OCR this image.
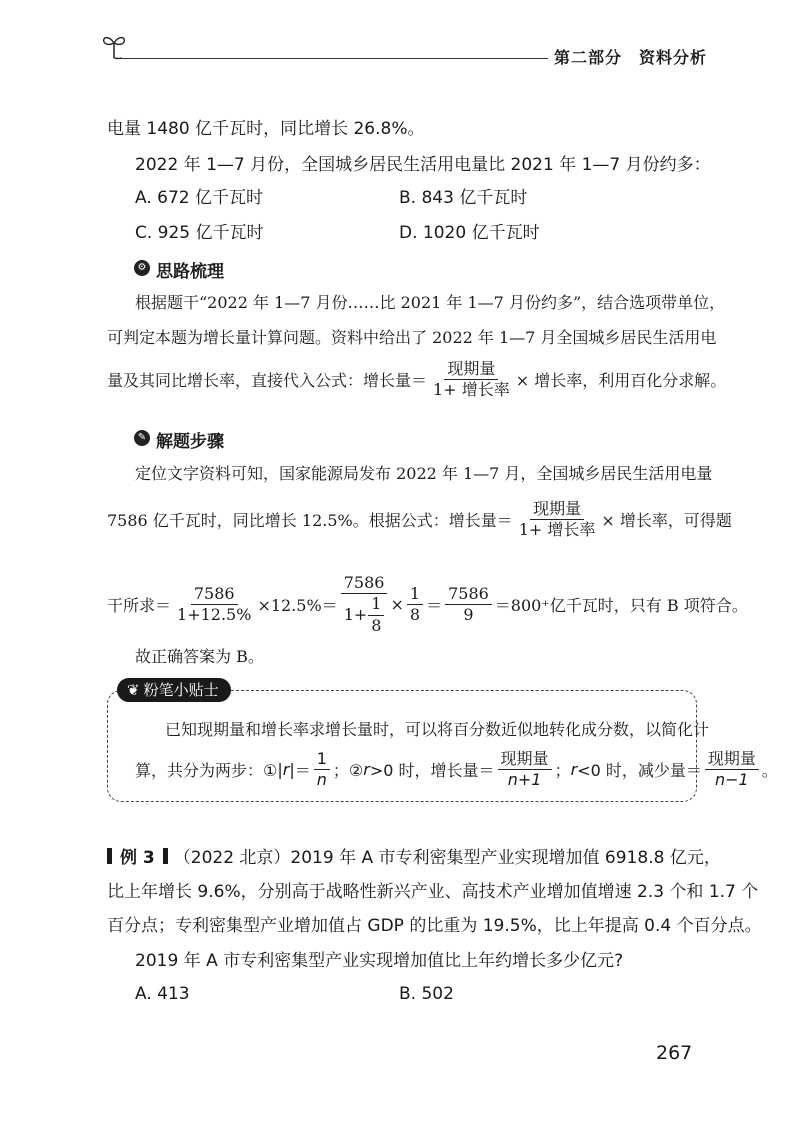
第二部分　资料分析
电量 1480 亿千瓦时，同比增长 26.8%。
2022 年 1—7 月份，全国城乡居民生活用电量比 2021 年 1—7 月份约多：
A. 672 亿千瓦时	B. 843 亿千瓦时
C. 925 亿千瓦时	D. 1020 亿千瓦时
⚙ 思路梳理
根据题干“2022 年 1—7 月份……比 2021 年 1—7 月份约多”，结合选项带单位，
可判定本题为增长量计算问题。资料中给出了 2022 年 1—7 月全国城乡居民生活用电
量及其同比增长率，直接代入公式：增长量＝ $\frac{\text{现期量}}{\text{1+ 增长率}}$ × 增长率，利用百化分求解。
✎ 解题步骤
定位文字资料可知，国家能源局发布 2022 年 1—7 月，全国城乡居民生活用电量
7586 亿千瓦时，同比增长 12.5%。根据公式：增长量＝ $\frac{\text{现期量}}{\text{1+ 增长率}}$ × 增长率，可得题
干所求＝ $\frac{7586}{1+12.5\%} \times 12.5\%= \frac{7586}{1+ \frac{1}{8}} \times \frac{1}{8} = \frac{7586}{9} =800^+$亿千瓦时，只有 B 项符合。
故正确答案为 B。
❦ 粉笔小贴士
已知现期量和增长率求增长量时，可以将百分数近似地转化成分数，以简化计
算，共分为两步：① $|r| = \frac{1}{n}$ ；② r >0 时，增长量＝ $\frac{\text{现期量}}{n+1}$ ； r <0 时，减少量＝ $\frac{\text{现期量}}{n-1}$ 。
例 3 （2022 北京） 2019 年 A 市专利密集型产业实现增加值 6918.8 亿元，
比上年增长 9.6%，分别高于战略性新兴产业、高技术产业增加值增速 2.3 个和 1.7 个
百分点；专利密集型产业增加值占 GDP 的比重为 19.5%，比上年提高 0.4 个百分点。
2019 年 A 市专利密集型产业实现增加值比上年约增长多少亿元?
A. 413	B. 502
267
